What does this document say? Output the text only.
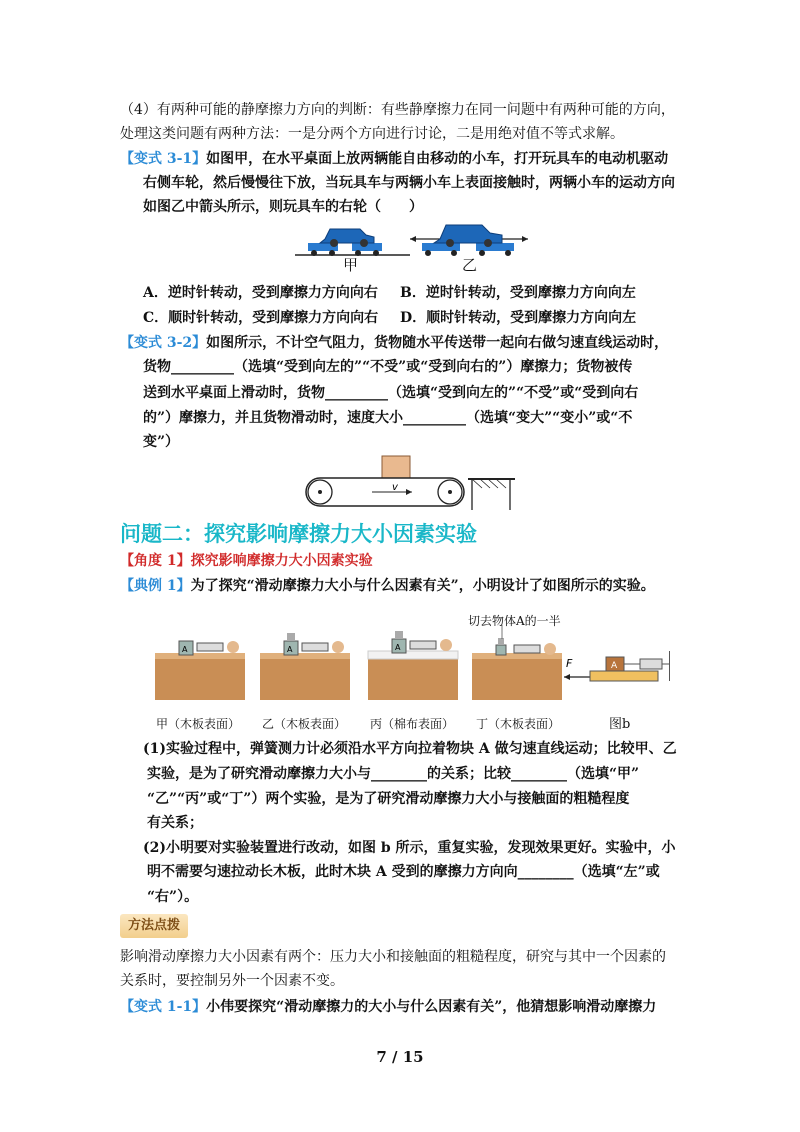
（4）有两种可能的静摩擦力方向的判断：有些静摩擦力在同一问题中有两种可能的方向，
处理这类问题有两种方法：一是分两个方向进行讨论，二是用绝对值不等式求解。
【变式 3-1】如图甲，在水平桌面上放两辆能自由移动的小车，打开玩具车的电动机驱动
右侧车轮，然后慢慢往下放，当玩具车与两辆小车上表面接触时，两辆小车的运动方向
如图乙中箭头所示，则玩具车的右轮（　　）
甲	乙
A．逆时针转动，受到摩擦力方向向右 B．逆时针转动，受到摩擦力方向向左
C．顺时针转动，受到摩擦力方向向右 D．顺时针转动，受到摩擦力方向向左
【变式 3-2】如图所示，不计空气阻力，货物随水平传送带一起向右做匀速直线运动时，
货物_________（选填“受到向左的”“不受”或“受到向右的”）摩擦力；货物被传
送到水平桌面上滑动时，货物_________（选填“受到向左的”“不受”或“受到向右
的”）摩擦力，并且货物滑动时，速度大小_________（选填“变大”“变小”或“不
变”）
v
问题二：探究影响摩擦力大小因素实验
【角度 1】探究影响摩擦力大小因素实验
【典例 1】为了探究“滑动摩擦力大小与什么因素有关”，小明设计了如图所示的实验。
切去物体A的一半
A	A	A
F	A
甲（木板表面） 乙（木板表面） 丙（棉布表面） 丁（木板表面）	图b
(1)实验过程中，弹簧测力计必须沿水平方向拉着物块 A 做匀速直线运动；比较甲、乙
实验，是为了研究滑动摩擦力大小与________的关系；比较________（选填“甲”
“乙”“丙”或“丁”）两个实验，是为了研究滑动摩擦力大小与接触面的粗糙程度
有关系；
(2)小明要对实验装置进行改动，如图 b 所示，重复实验，发现效果更好。实验中，小
明不需要匀速拉动长木板，此时木块 A 受到的摩擦力方向向________（选填“左”或
“右”）。
方法点拨
影响滑动摩擦力大小因素有两个：压力大小和接触面的粗糙程度，研究与其中一个因素的
关系时，要控制另外一个因素不变。
【变式 1-1】小伟要探究“滑动摩擦力的大小与什么因素有关”，他猜想影响滑动摩擦力
7 / 15
